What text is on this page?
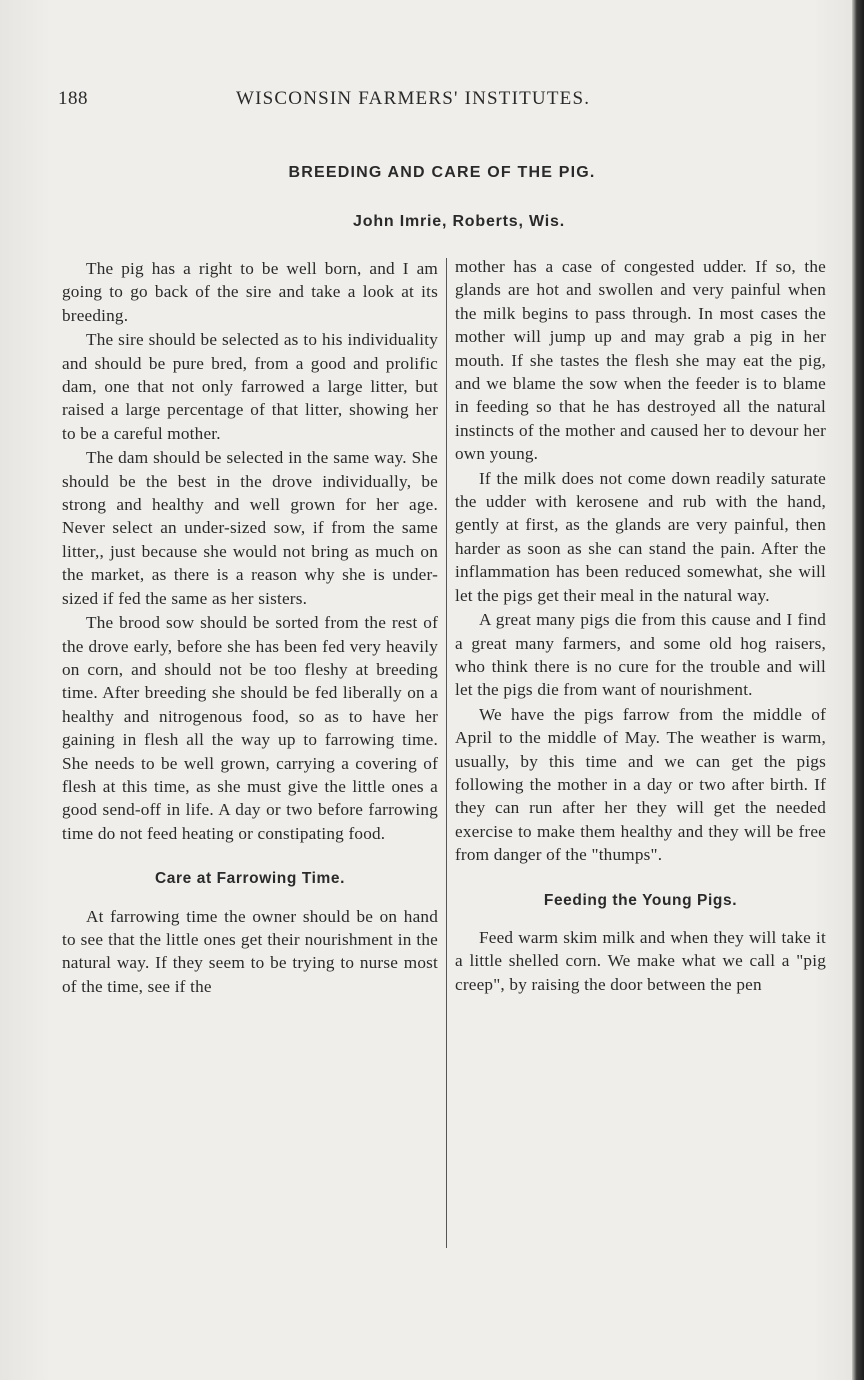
188	WISCONSIN FARMERS' INSTITUTES.
BREEDING AND CARE OF THE PIG.
John Imrie, Roberts, Wis.

The pig has a right to be well born, and I am going to go back of the sire and take a look at its breeding.

The sire should be selected as to his individuality and should be pure bred, from a good and prolific dam, one that not only farrowed a large litter, but raised a large percentage of that litter, showing her to be a careful mother.

The dam should be selected in the same way. She should be the best in the drove individually, be strong and healthy and well grown for her age. Never select an under-sized sow, if from the same litter,, just because she would not bring as much on the market, as there is a reason why she is under-sized if fed the same as her sisters.

The brood sow should be sorted from the rest of the drove early, before she has been fed very heavily on corn, and should not be too fleshy at breeding time. After breeding she should be fed liberally on a healthy and nitrogenous food, so as to have her gaining in flesh all the way up to farrowing time. She needs to be well grown, carrying a covering of flesh at this time, as she must give the little ones a good send-off in life. A day or two before farrowing time do not feed heating or constipating food.

Care at Farrowing Time.

At farrowing time the owner should be on hand to see that the little ones get their nourishment in the natural way. If they seem to be trying to nurse most of the time, see if the

mother has a case of congested udder. If so, the glands are hot and swollen and very painful when the milk begins to pass through. In most cases the mother will jump up and may grab a pig in her mouth. If she tastes the flesh she may eat the pig, and we blame the sow when the feeder is to blame in feeding so that he has destroyed all the natural instincts of the mother and caused her to devour her own young.

If the milk does not come down readily saturate the udder with kerosene and rub with the hand, gently at first, as the glands are very painful, then harder as soon as she can stand the pain. After the inflammation has been reduced somewhat, she will let the pigs get their meal in the natural way.

A great many pigs die from this cause and I find a great many farmers, and some old hog raisers, who think there is no cure for the trouble and will let the pigs die from want of nourishment.

We have the pigs farrow from the middle of April to the middle of May. The weather is warm, usually, by this time and we can get the pigs following the mother in a day or two after birth. If they can run after her they will get the needed exercise to make them healthy and they will be free from danger of the "thumps".

Feeding the Young Pigs.

Feed warm skim milk and when they will take it a little shelled corn. We make what we call a "pig creep", by raising the door between the pen
